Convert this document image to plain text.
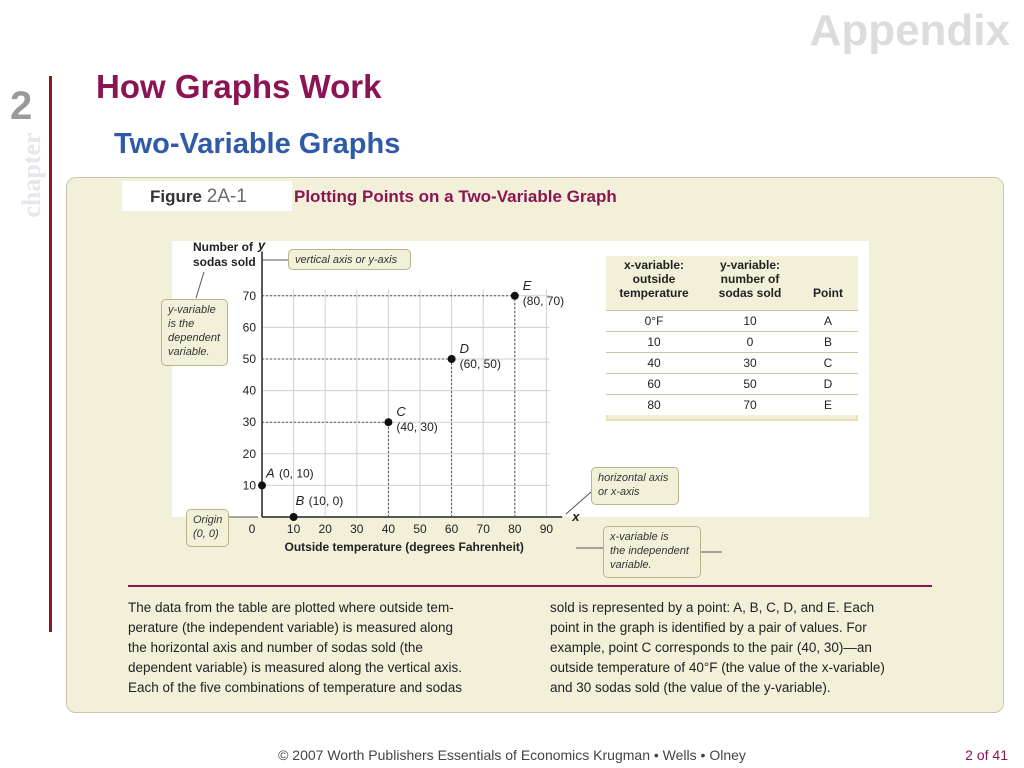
Appendix
2
chapter
How Graphs Work
Two-Variable Graphs
Figure 2A-1	Plotting Points on a Two-Variable Graph
0	10 20 30 40 50 60 70 80 90
10
20
30
40
50
60
70
y
x
Outside temperature (degrees Fahrenheit)
Number of
sodas sold
A (0, 10)
B (10, 0)
C
(40, 30)
D
(60, 50)
E
(80, 70)
x-variable:
outside
temperature	y-variable:
number of
sodas sold	Point

0°F	10	A
10	0	B
40	30	C
60	50	D
80	70	E
vertical axis or y-axis
y-variable
is the
dependent
variable.
horizontal axis
or x-axis
Origin
(0, 0)	x-variable is
the independent
variable.
The data from the table are plotted where outside tem-
perature (the independent variable) is measured along
the horizontal axis and number of sodas sold (the
dependent variable) is measured along the vertical axis.
Each of the five combinations of temperature and sodas
sold is represented by a point: A, B, C, D, and E. Each
point in the graph is identified by a pair of values. For
example, point C corresponds to the pair (40, 30)—an
outside temperature of 40°F (the value of the x-variable)
and 30 sodas sold (the value of the y-variable).
© 2007 Worth Publishers Essentials of Economics Krugman • Wells • Olney	2 of 41
